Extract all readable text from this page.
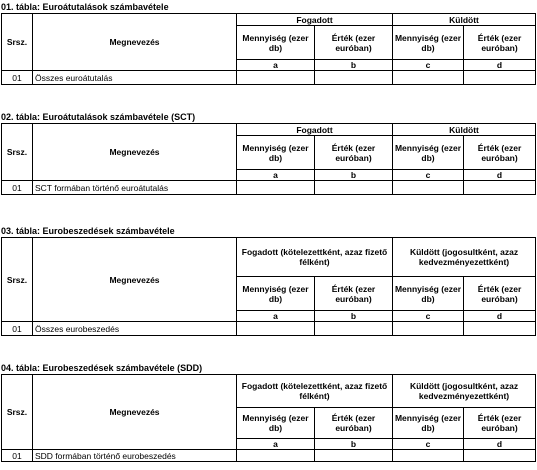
01. tábla: Euroátutalások számbavétele
Srsz.	Megnevezés	Fogadott		Küldött	
		Mennyiség (ezer db)	Érték (ezer euróban)	Mennyiség (ezer db)	Érték (ezer euróban)
		a	b	c	d
01	Összes euroátutalás				
02. tábla: Euroátutalások számbavétele (SCT)
Srsz.	Megnevezés	Fogadott		Küldött	
		Mennyiség (ezer db)	Érték (ezer euróban)	Mennyiség (ezer db)	Érték (ezer euróban)
		a	b	c	d
01	SCT formában történő euroátutalás				
03. tábla: Eurobeszedések számbavétele
Srsz.	Megnevezés	Fogadott (kötelezettként, azaz fizető félként)		Küldött (jogosultként, azaz kedvezményezettként)	
		Mennyiség (ezer db)	Érték (ezer euróban)	Mennyiség (ezer db)	Érték (ezer euróban)
		a	b	c	d
01	Összes eurobeszedés				
04. tábla: Eurobeszedések számbavétele (SDD)
Srsz.	Megnevezés	Fogadott (kötelezettként, azaz fizető félként)		Küldött (jogosultként, azaz kedvezményezettként)	
		Mennyiség (ezer db)	Érték (ezer euróban)	Mennyiség (ezer db)	Érték (ezer euróban)
		a	b	c	d
01	SDD formában történő eurobeszedés				
